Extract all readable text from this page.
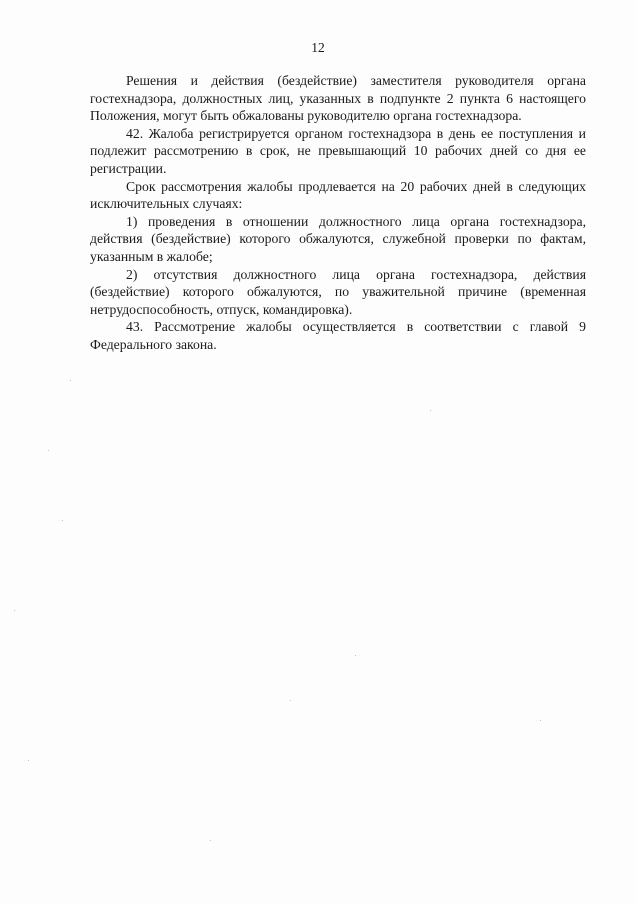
12

Решения и действия (бездействие) заместителя руководителя органа гостехнадзора, должностных лиц, указанных в подпункте 2 пункта 6 настоящего Положения, могут быть обжалованы руководителю органа гостехнадзора.

42. Жалоба регистрируется органом гостехнадзора в день ее поступления и подлежит рассмотрению в срок, не превышающий 10 рабочих дней со дня ее регистрации.

Срок рассмотрения жалобы продлевается на 20 рабочих дней в следующих исключительных случаях:

1) проведения в отношении должностного лица органа гостехнадзора, действия (бездействие) которого обжалуются, служебной проверки по фактам, указанным в жалобе;

2) отсутствия должностного лица органа гостехнадзора, действия (бездействие) которого обжалуются, по уважительной причине (временная нетрудоспособность, отпуск, командировка).

43. Рассмотрение жалобы осуществляется в соответствии с главой 9 Федерального закона.
